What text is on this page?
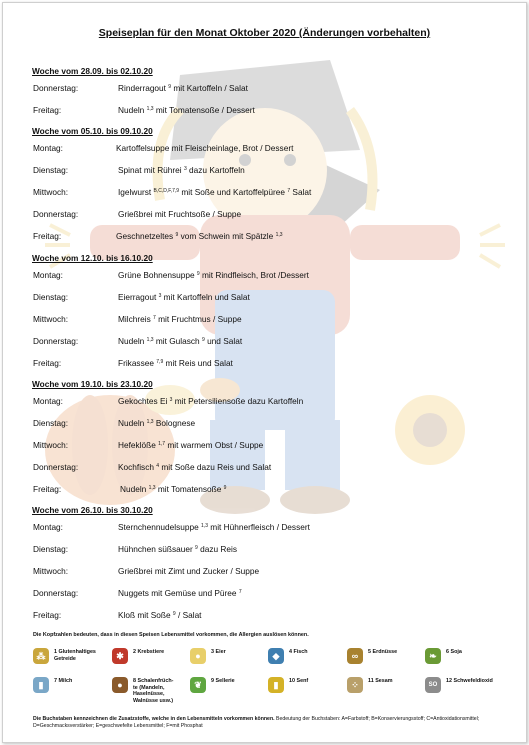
Speiseplan für den Monat Oktober 2020 (Änderungen vorbehalten)
Woche vom 28.09. bis 02.10.20
Donnerstag:	Rinderragout $^9$ mit Kartoffeln / Salat
Freitag:	Nudeln $^{1,3}$ mit Tomatensoße / Dessert
Woche vom 05.10. bis 09.10.20
Montag:	Kartoffelsuppe mit Fleischeinlage, Brot / Dessert
Dienstag:	Spinat mit Rührei $^3$ dazu Kartoffeln
Mittwoch:	Igelwurst $^{B,C,D,F,7,9}$ mit Soße und Kartoffelpüree $^7$ Salat
Donnerstag:	Grießbrei mit Fruchtsoße / Suppe
Freitag:	Geschnetzeltes $^9$ vom Schwein mit Spätzle $^{1,3}$
Woche vom 12.10. bis 16.10.20
Montag:	Grüne Bohnensuppe $^9$ mit Rindfleisch, Brot /Dessert
Dienstag:	Eierragout $^3$ mit Kartoffeln und Salat
Mittwoch:	Milchreis $^7$ mit Fruchtmus / Suppe
Donnerstag:	Nudeln $^{1,3}$ mit Gulasch $^9$ und Salat
Freitag:	Frikassee $^{7,9}$ mit Reis und Salat
Woche vom 19.10. bis 23.10.20
Montag:	Gekochtes Ei $^3$ mit Petersiliensoße dazu Kartoffeln
Dienstag:	Nudeln $^{1,3}$ Bolognese
Mittwoch:	Hefeklöße $^{1,7}$ mit warmem Obst / Suppe
Donnerstag:	Kochfisch $^4$ mit Soße dazu Reis und Salat
Freitag:	Nudeln $^{1,3}$ mit Tomatensoße $^9$
Woche vom 26.10. bis 30.10.20
Montag:	Sternchennudelsuppe $^{1,3}$ mit Hühnerfleisch / Dessert
Dienstag:	Hühnchen süßsauer $^9$ dazu Reis
Mittwoch:	Grießbrei mit Zimt und Zucker / Suppe
Donnerstag:	Nuggets mit Gemüse und Püree $^7$
Freitag:	Kloß mit Soße $^9$ / Salat
Die Kopfzahlen bedeuten, dass in diesen Speisen Lebensmittel vorkommen, die Allergien auslösen können.
⁂	1 Glutenhaltiges
Getreide	✱	2 Krebstiere	●	3 Eier	◆	4 Fisch	∞	5 Erdnüsse	❧	6 Soja
▮	7 Milch	●	8 Schalenfrüch-
te (Mandeln,
Haselnüsse,
Walnüsse usw.)
❦	9 Sellerie	▮	10 Senf	⁘	11 Sesam
SO
12 Schwefeldioxid
Die Buchstaben kennzeichnen die Zusatzstoffe, welche in den Lebensmitteln vorkommen können. Bedeutung der Buchstaben: A=Farbstoff; B=Konservierungsstoff; C=Antioxidationsmittel; D=Geschmacksverstärker; E=geschwefelte Lebensmittel; F=mit Phosphat
